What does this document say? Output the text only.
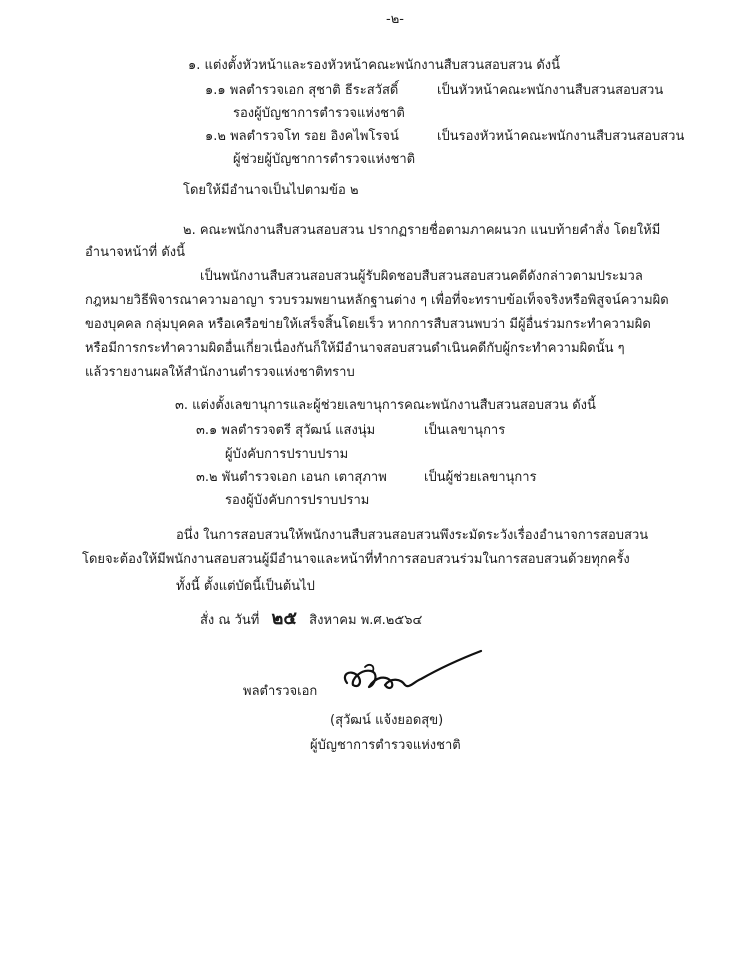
-๒-
๑. แต่งตั้งหัวหน้าและรองหัวหน้าคณะพนักงานสืบสวนสอบสวน ดังนี้
๑.๑ พลตำรวจเอก สุชาติ ธีระสวัสดิ์	เป็นหัวหน้าคณะพนักงานสืบสวนสอบสวน
รองผู้บัญชาการตำรวจแห่งชาติ
๑.๒ พลตำรวจโท รอย อิงคไพโรจน์	เป็นรองหัวหน้าคณะพนักงานสืบสวนสอบสวน
ผู้ช่วยผู้บัญชาการตำรวจแห่งชาติ
โดยให้มีอำนาจเป็นไปตามข้อ ๒
๒. คณะพนักงานสืบสวนสอบสวน ปรากฏรายชื่อตามภาคผนวก แนบท้ายคำสั่ง โดยให้มี
อำนาจหน้าที่ ดังนี้
เป็นพนักงานสืบสวนสอบสวนผู้รับผิดชอบสืบสวนสอบสวนคดีดังกล่าวตามประมวล
กฎหมายวิธีพิจารณาความอาญา รวบรวมพยานหลักฐานต่าง ๆ เพื่อที่จะทราบข้อเท็จจริงหรือพิสูจน์ความผิด
ของบุคคล กลุ่มบุคคล หรือเครือข่ายให้เสร็จสิ้นโดยเร็ว หากการสืบสวนพบว่า มีผู้อื่นร่วมกระทำความผิด
หรือมีการกระทำความผิดอื่นเกี่ยวเนื่องกันก็ให้มีอำนาจสอบสวนดำเนินคดีกับผู้กระทำความผิดนั้น ๆ
แล้วรายงานผลให้สำนักงานตำรวจแห่งชาติทราบ
๓. แต่งตั้งเลขานุการและผู้ช่วยเลขานุการคณะพนักงานสืบสวนสอบสวน ดังนี้
๓.๑ พลตำรวจตรี สุวัฒน์ แสงนุ่ม	เป็นเลขานุการ
ผู้บังคับการปราบปราม
๓.๒ พันตำรวจเอก เอนก เตาสุภาพ	เป็นผู้ช่วยเลขานุการ
รองผู้บังคับการปราบปราม
อนึ่ง ในการสอบสวนให้พนักงานสืบสวนสอบสวนพึงระมัดระวังเรื่องอำนาจการสอบสวน
โดยจะต้องให้มีพนักงานสอบสวนผู้มีอำนาจและหน้าที่ทำการสอบสวนร่วมในการสอบสวนด้วยทุกครั้ง
ทั้งนี้ ตั้งแต่บัดนี้เป็นต้นไป
สั่ง ณ วันที่ ๒๕ สิงหาคม พ.ศ.๒๕๖๔
พลตำรวจเอก
(สุวัฒน์ แจ้งยอดสุข)
ผู้บัญชาการตำรวจแห่งชาติ
